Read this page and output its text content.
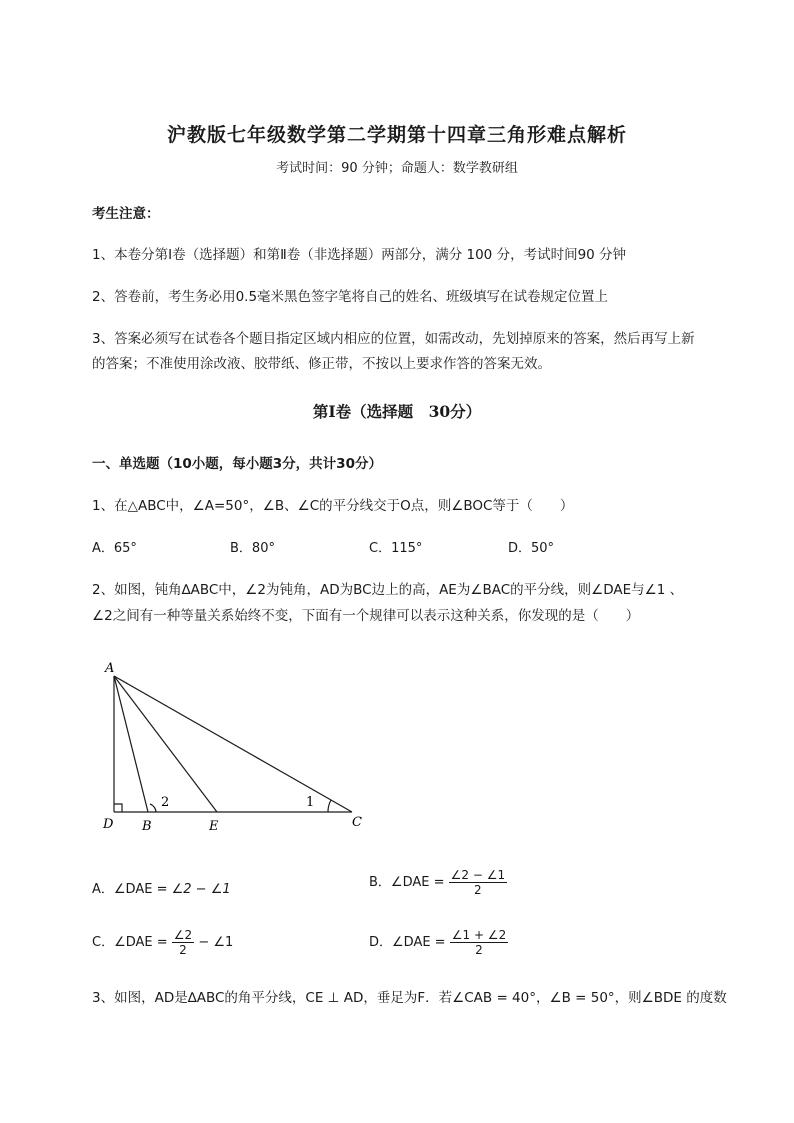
沪教版七年级数学第二学期第十四章三角形难点解析
考试时间：90 分钟；命题人：数学教研组
考生注意：
1、本卷分第Ⅰ卷（选择题）和第Ⅱ卷（非选择题）两部分，满分 100 分，考试时间90 分钟
2、答卷前，考生务必用0.5毫米黑色签字笔将自己的姓名、班级填写在试卷规定位置上
3、答案必须写在试卷各个题目指定区域内相应的位置，如需改动，先划掉原来的答案，然后再写上新
的答案；不准使用涂改液、胶带纸、修正带，不按以上要求作答的答案无效。
第Ⅰ卷（选择题　30分）
一、单选题（10小题，每小题3分，共计30分）
1、在△ABC中，∠A=50°，∠B、∠C的平分线交于O点，则∠BOC等于（　　）
A．65°	B．80°	C．115°	D．50°
2、如图，钝角∆ABC中，∠2为钝角，AD为BC边上的高，AE为∠BAC的平分线，则∠DAE与∠1 、
∠2之间有一种等量关系始终不变，下面有一个规律可以表示这种关系，你发现的是（　　）
A
D B	E	C
1
2
A．∠DAE = ∠2 − ∠1	B．∠DAE = $\frac{\angle 2 - \angle 1}{2}$
C．∠DAE = $\frac{\angle 2}{2}$ − ∠1	D．∠DAE = $\frac{\angle 1 + \angle 2}{2}$
3、如图，AD是∆ABC的角平分线，CE ⊥ AD，垂足为F．若∠CAB = 40°，∠B = 50°，则∠BDE 的度数
